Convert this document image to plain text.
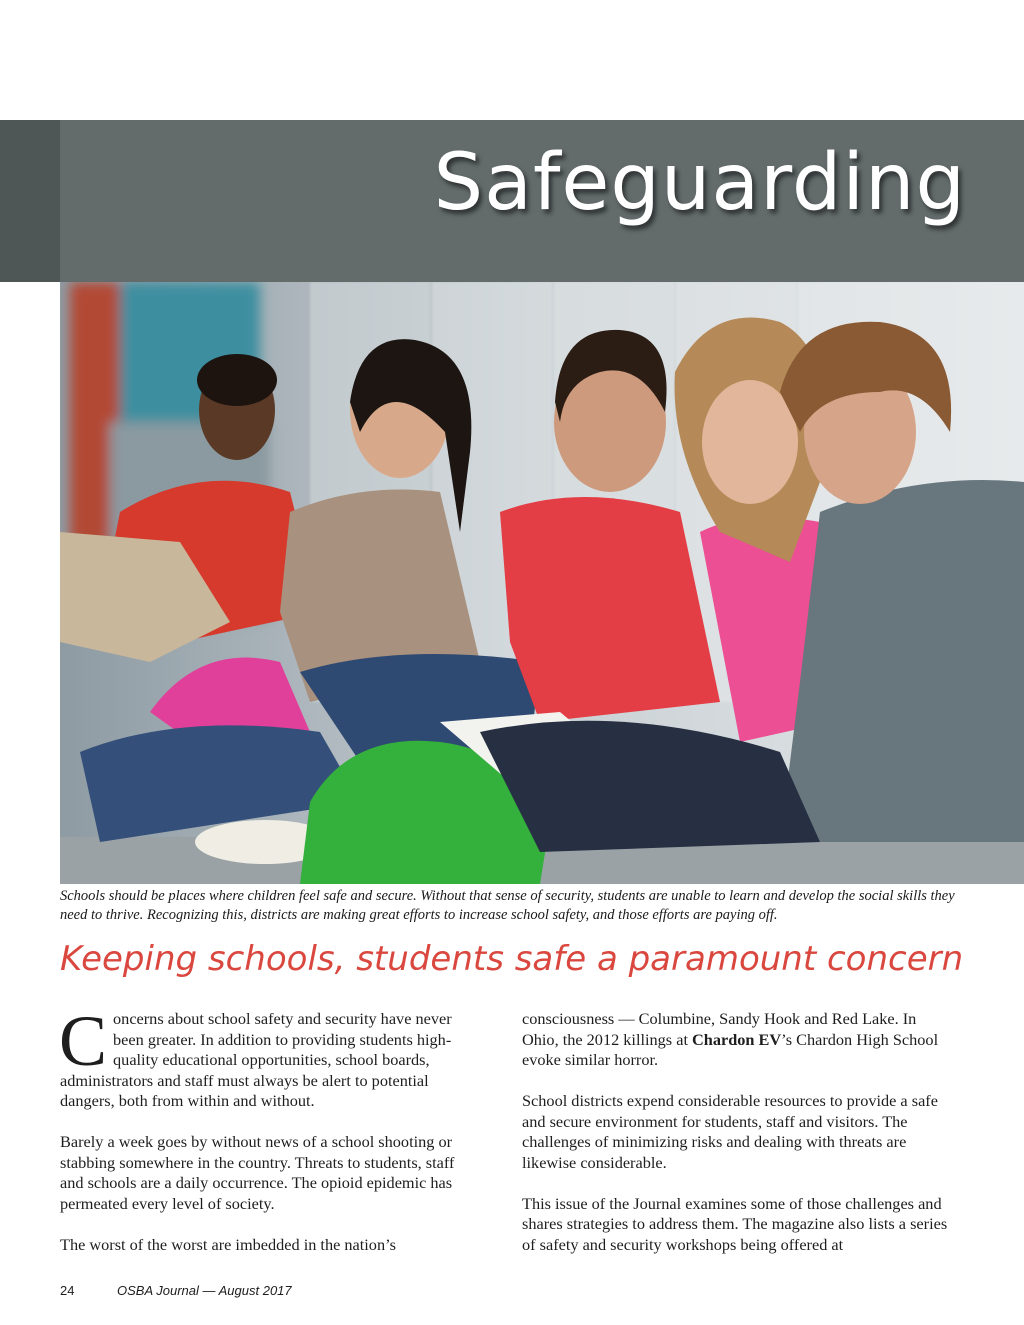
Safeguarding

Schools should be places where children feel safe and secure. Without that sense of security, students are unable to learn and develop the social skills they need to thrive. Recognizing this, districts are making great efforts to increase school safety, and those efforts are paying off.

Keeping schools, students safe a paramount concern

Concerns about school safety and security have never been greater. In addition to providing students high-quality educational opportunities, school boards, administrators and staff must always be alert to potential dangers, both from within and without.

Barely a week goes by without news of a school shooting or stabbing somewhere in the country. Threats to students, staff and schools are a daily occurrence. The opioid epidemic has permeated every level of society.

The worst of the worst are imbedded in the nation’s

consciousness — Columbine, Sandy Hook and Red Lake. In Ohio, the 2012 killings at Chardon EV’s Chardon High School evoke similar horror.

School districts expend considerable resources to provide a safe and secure environment for students, staff and visitors. The challenges of minimizing risks and dealing with threats are likewise considerable.

This issue of the Journal examines some of those challenges and shares strategies to address them. The magazine also lists a series of safety and security workshops being offered at

24	OSBA Journal — August 2017
